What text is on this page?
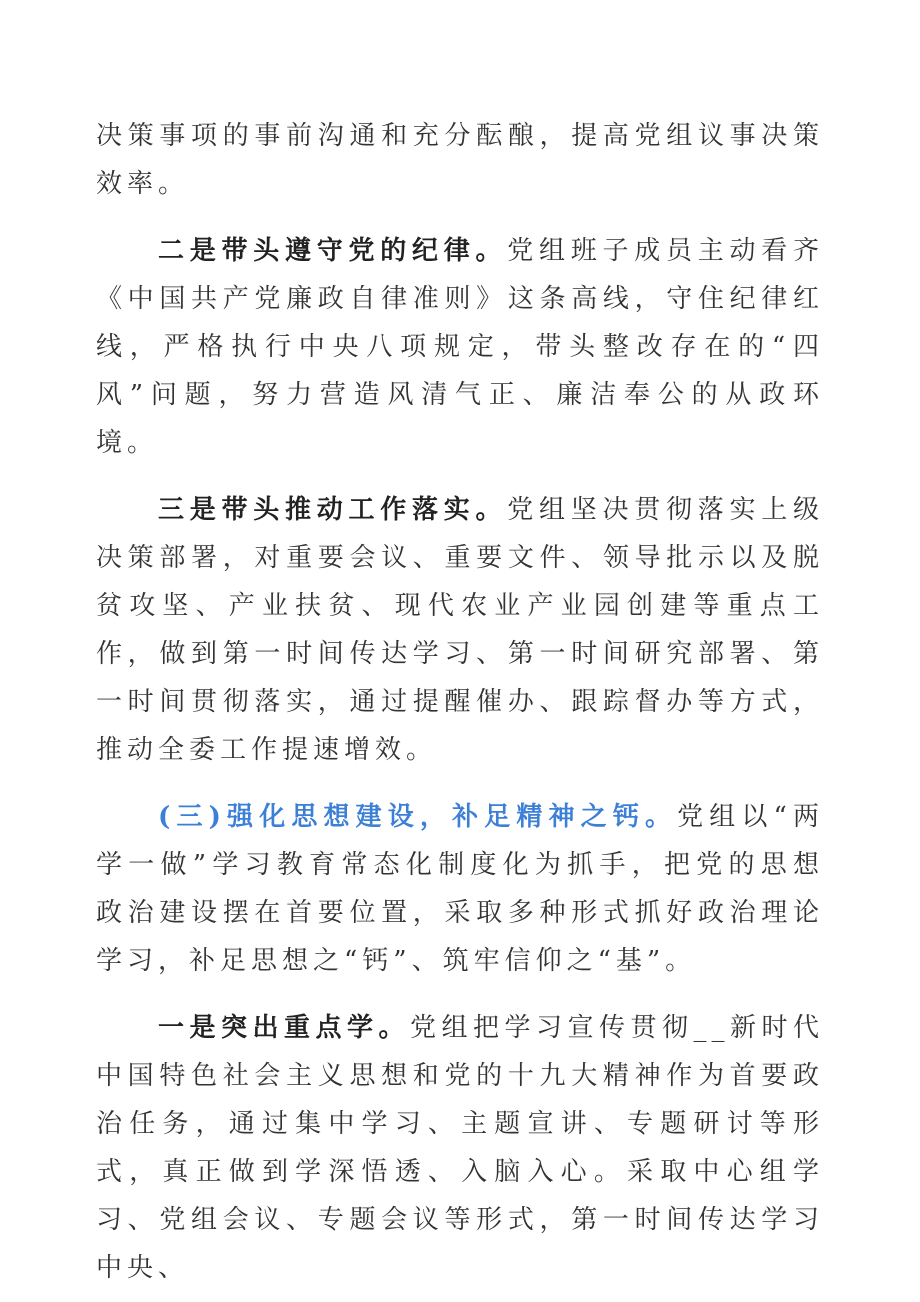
决策事项的事前沟通和充分酝酿，提高党组议事决策效率。

二是带头遵守党的纪律。党组班子成员主动看齐《中国共产党廉政自律准则》这条高线，守住纪律红线，严格执行中央八项规定，带头整改存在的“四风”问题，努力营造风清气正、廉洁奉公的从政环境。

三是带头推动工作落实。党组坚决贯彻落实上级决策部署，对重要会议、重要文件、领导批示以及脱贫攻坚、产业扶贫、现代农业产业园创建等重点工作，做到第一时间传达学习、第一时间研究部署、第一时间贯彻落实，通过提醒催办、跟踪督办等方式，推动全委工作提速增效。

(三)强化思想建设，补足精神之钙。党组以“两学一做”学习教育常态化制度化为抓手，把党的思想政治建设摆在首要位置，采取多种形式抓好政治理论学习，补足思想之“钙”、筑牢信仰之“基”。

一是突出重点学。党组把学习宣传贯彻__新时代中国特色社会主义思想和党的十九大精神作为首要政治任务，通过集中学习、主题宣讲、专题研讨等形式，真正做到学深悟透、入脑入心。采取中心组学习、党组会议、专题会议等形式，第一时间传达学习中央、
